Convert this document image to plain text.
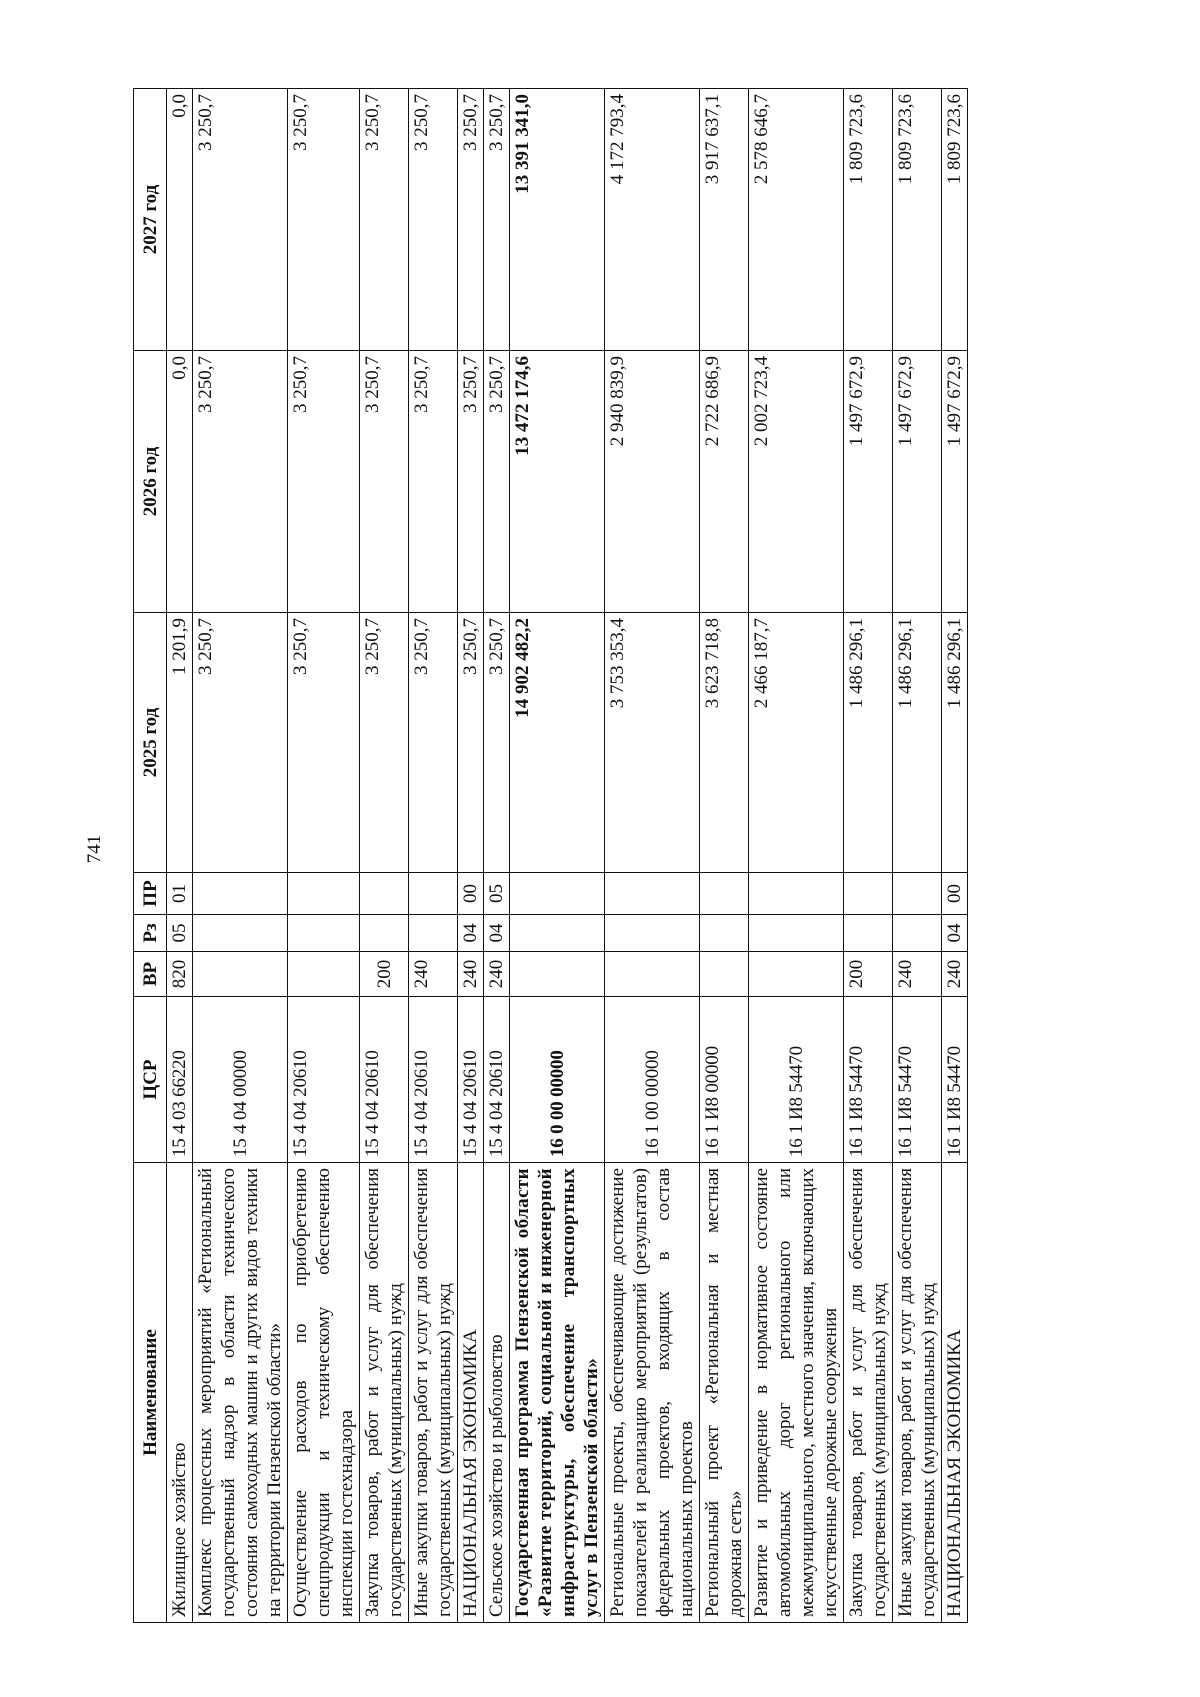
741
Наименование	ЦСР	ВР	Рз	ПР	2025 год	2026 год	2027 год
Жилищное хозяйство	15 4 03 66220	820	05	01	1 201,9	0,0	0,0
Комплекс процессных мероприятий «Региональный государственный надзор в области технического состояния самоходных машин и других видов техники на территории Пензенской области»	15 4 04 00000				3 250,7	3 250,7	3 250,7
Осуществление расходов по приобретению спецпродукции и техническому обеспечению инспекции гостехнадзора	15 4 04 20610				3 250,7	3 250,7	3 250,7
Закупка товаров, работ и услуг для обеспечения государственных (муниципальных) нужд	15 4 04 20610	200			3 250,7	3 250,7	3 250,7
Иные закупки товаров, работ и услуг для обеспечения государственных (муниципальных) нужд	15 4 04 20610	240			3 250,7	3 250,7	3 250,7
НАЦИОНАЛЬНАЯ ЭКОНОМИКА	15 4 04 20610	240	04	00	3 250,7	3 250,7	3 250,7
Сельское хозяйство и рыболовство	15 4 04 20610	240	04	05	3 250,7	3 250,7	3 250,7
Государственная программа Пензенской области «Развитие территорий, социальной и инженерной инфраструктуры, обеспечение транспортных услуг в Пензенской области»	16 0 00 00000				14 902 482,2	13 472 174,6	13 391 341,0
Региональные проекты, обеспечивающие достижение показателей и реализацию мероприятий (результатов) федеральных проектов, входящих в состав национальных проектов	16 1 00 00000				3 753 353,4	2 940 839,9	4 172 793,4
Региональный проект «Региональная и местная дорожная сеть»	16 1 И8 00000				3 623 718,8	2 722 686,9	3 917 637,1
Развитие и приведение в нормативное состояние автомобильных дорог регионального или межмуниципального, местного значения, включающих искусственные дорожные сооружения	16 1 И8 54470				2 466 187,7	2 002 723,4	2 578 646,7
Закупка товаров, работ и услуг для обеспечения государственных (муниципальных) нужд	16 1 И8 54470	200			1 486 296,1	1 497 672,9	1 809 723,6
Иные закупки товаров, работ и услуг для обеспечения государственных (муниципальных) нужд	16 1 И8 54470	240			1 486 296,1	1 497 672,9	1 809 723,6
НАЦИОНАЛЬНАЯ ЭКОНОМИКА	16 1 И8 54470	240	04	00	1 486 296,1	1 497 672,9	1 809 723,6
